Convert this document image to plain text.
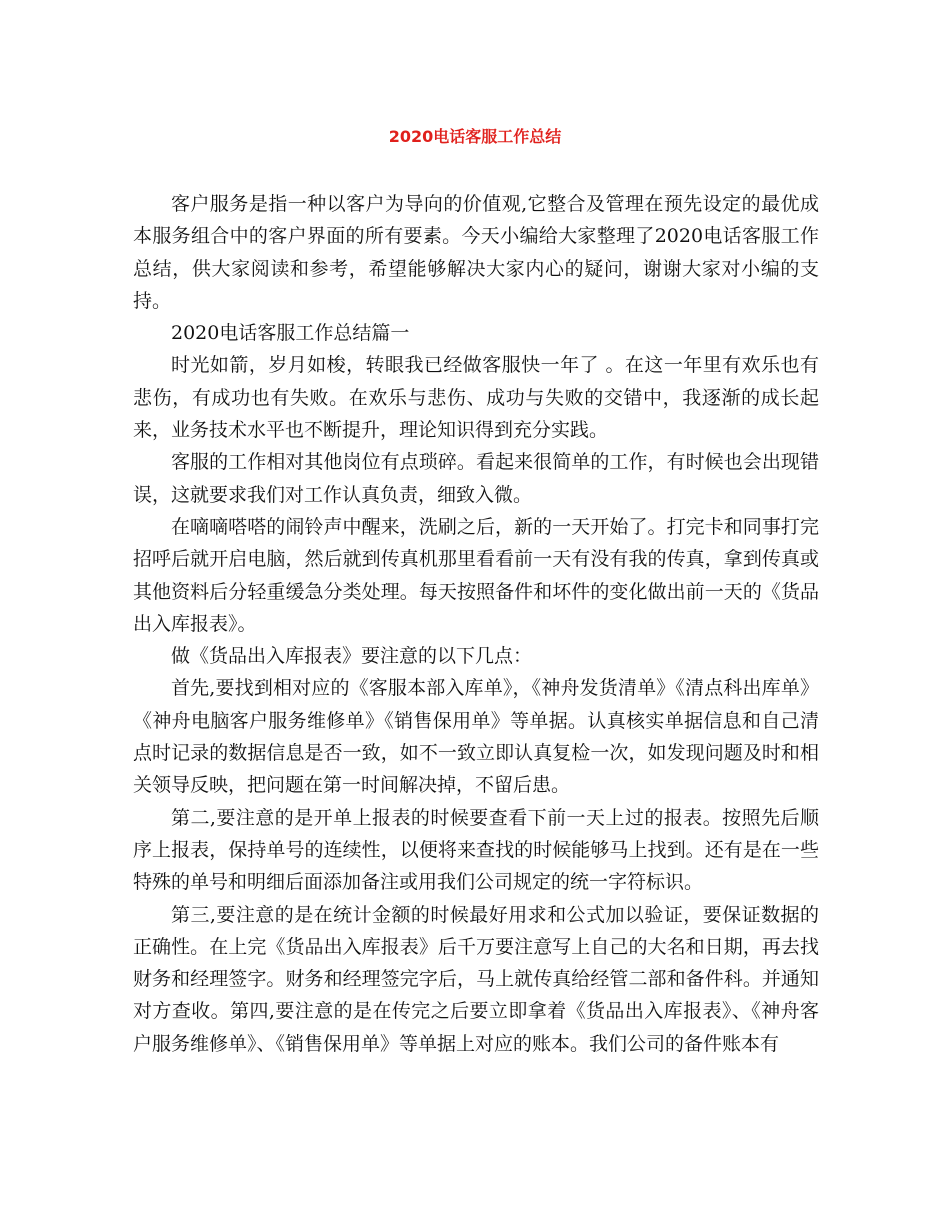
2020电话客服工作总结

客户服务是指一种以客户为导向的价值观,它整合及管理在预先设定的最优成本服务组合中的客户界面的所有要素。今天小编给大家整理了2020电话客服工作总结，供大家阅读和参考，希望能够解决大家内心的疑问，谢谢大家对小编的支持。

2020电话客服工作总结篇一

时光如箭，岁月如梭，转眼我已经做客服快一年了 。在这一年里有欢乐也有悲伤，有成功也有失败。在欢乐与悲伤、成功与失败的交错中，我逐渐的成长起来，业务技术水平也不断提升，理论知识得到充分实践。

客服的工作相对其他岗位有点琐碎。看起来很简单的工作，有时候也会出现错误，这就要求我们对工作认真负责，细致入微。

在嘀嘀嗒嗒的闹铃声中醒来，洗刷之后，新的一天开始了。打完卡和同事打完招呼后就开启电脑，然后就到传真机那里看看前一天有没有我的传真，拿到传真或其他资料后分轻重缓急分类处理。每天按照备件和坏件的变化做出前一天的《货品出入库报表》。

做《货品出入库报表》要注意的以下几点：

首先,要找到相对应的《客服本部入库单》，《神舟发货清单》《清点科出库单》《神舟电脑客户服务维修单》《销售保用单》等单据。认真核实单据信息和自己清点时记录的数据信息是否一致，如不一致立即认真复检一次，如发现问题及时和相关领导反映，把问题在第一时间解决掉，不留后患。

第二,要注意的是开单上报表的时候要查看下前一天上过的报表。按照先后顺序上报表，保持单号的连续性，以便将来查找的时候能够马上找到。还有是在一些特殊的单号和明细后面添加备注或用我们公司规定的统一字符标识。

第三,要注意的是在统计金额的时候最好用求和公式加以验证，要保证数据的正确性。在上完《货品出入库报表》后千万要注意写上自己的大名和日期，再去找财务和经理签字。财务和经理签完字后，马上就传真给经管二部和备件科。并通知对方查收。第四,要注意的是在传完之后要立即拿着《货品出入库报表》、《神舟客户服务维修单》、《销售保用单》等单据上对应的账本。我们公司的备件账本有
